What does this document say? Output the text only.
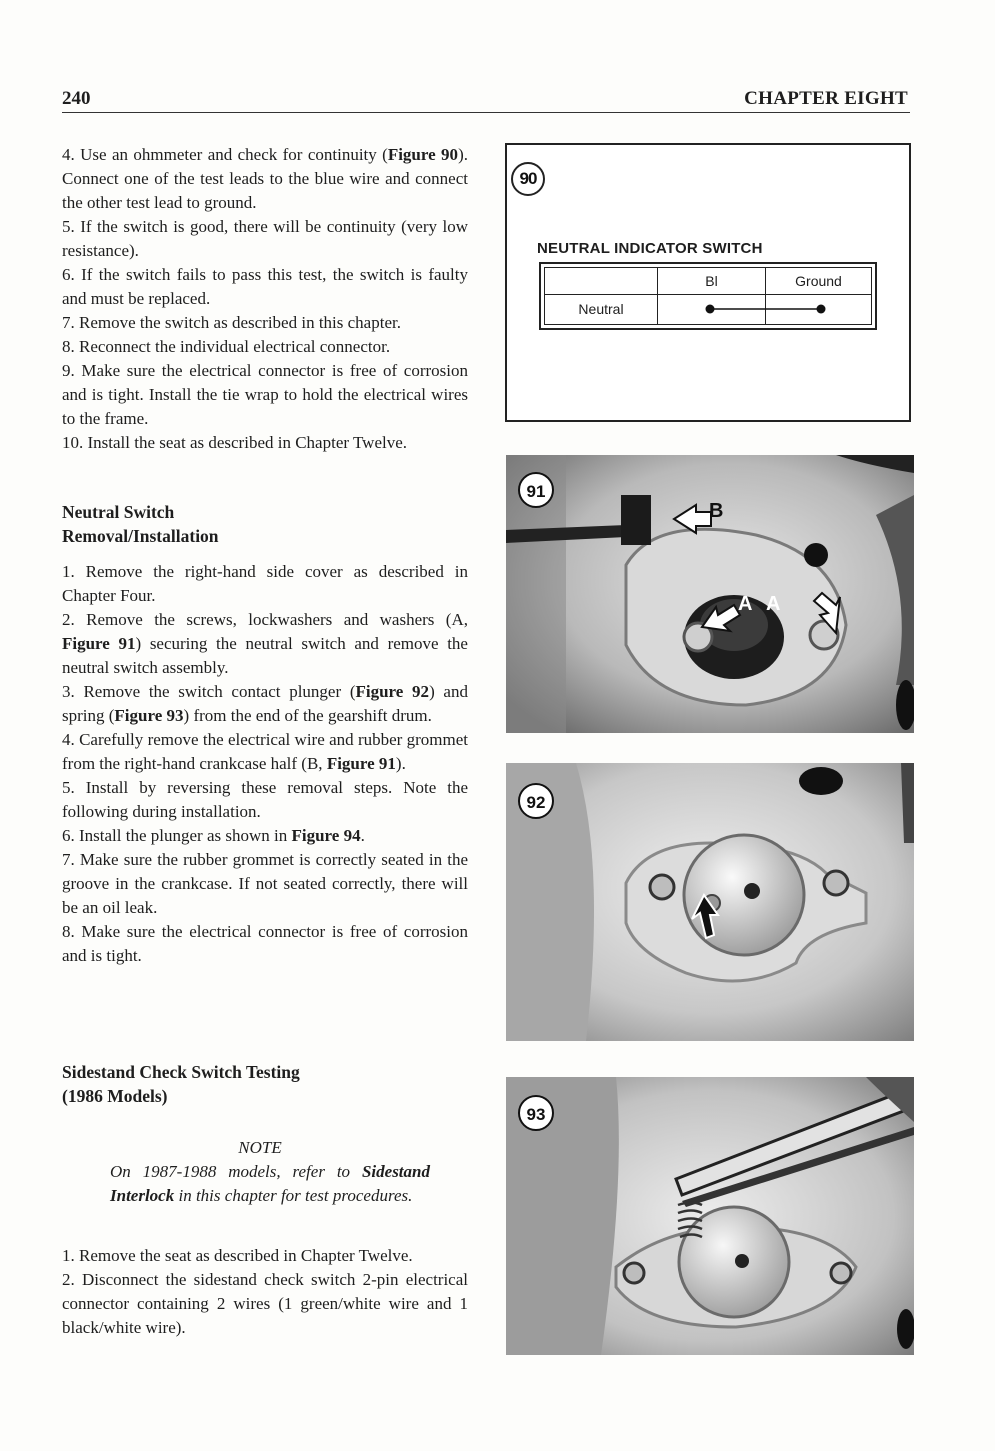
240	CHAPTER EIGHT

4. Use an ohmmeter and check for continuity (Figure 90). Connect one of the test leads to the blue wire and connect the other test lead to ground.

5. If the switch is good, there will be continuity (very low resistance).

6. If the switch fails to pass this test, the switch is faulty and must be replaced.

7. Remove the switch as described in this chapter.

8. Reconnect the individual electrical connector.

9. Make sure the electrical connector is free of corrosion and is tight. Install the tie wrap to hold the electrical wires to the frame.

10. Install the seat as described in Chapter Twelve.

Neutral Switch
Removal/Installation

1. Remove the right-hand side cover as described in Chapter Four.

2. Remove the screws, lockwashers and washers (A, Figure 91) securing the neutral switch and remove the neutral switch assembly.

3. Remove the switch contact plunger (Figure 92) and spring (Figure 93) from the end of the gearshift drum.

4. Carefully remove the electrical wire and rubber grommet from the right-hand crankcase half (B, Figure 91).

5. Install by reversing these removal steps. Note the following during installation.

6. Install the plunger as shown in Figure 94.

7. Make sure the rubber grommet is correctly seated in the groove in the crankcase. If not seated correctly, there will be an oil leak.

8. Make sure the electrical connector is free of corrosion and is tight.

Sidestand Check Switch Testing
(1986 Models)
NOTE
On 1987-1988 models, refer to Sidestand Interlock in this chapter for test procedures.

1. Remove the seat as described in Chapter Twelve.

2. Disconnect the sidestand check switch 2-pin electrical connector containing 2 wires (1 green/white wire and 1 black/white wire).

90
NEUTRAL INDICATOR SWITCH
Bl	Ground
Neutral
B
A A
91
92
93
